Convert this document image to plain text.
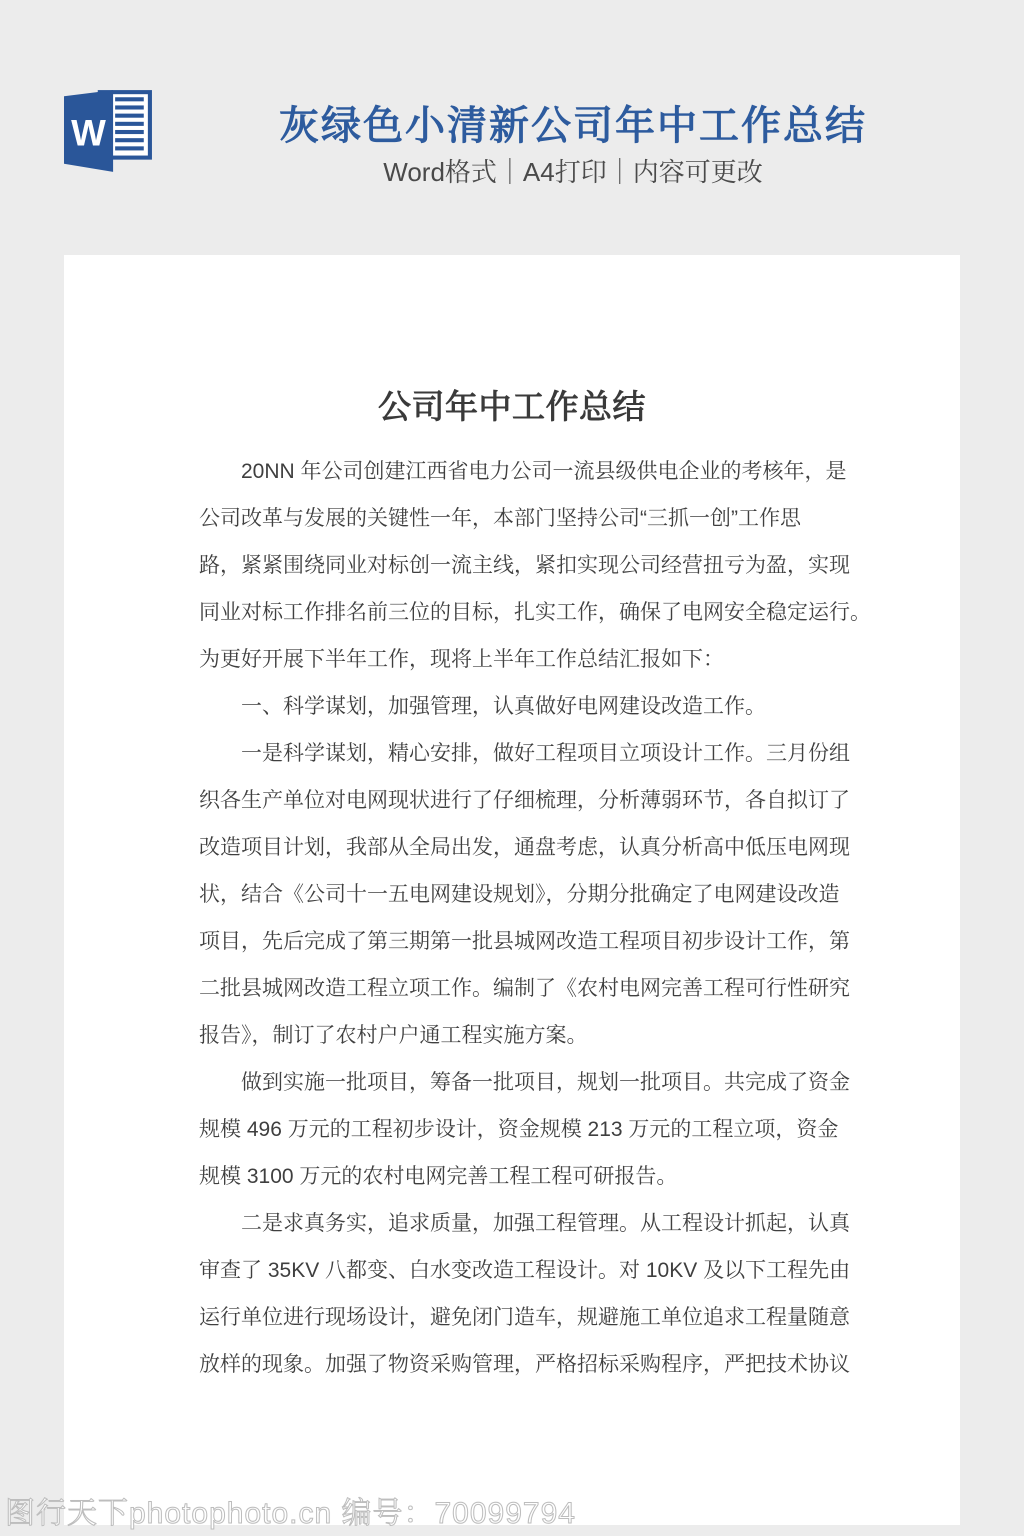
W	灰绿色小清新公司年中工作总结
Word格式｜A4打印｜内容可更改
公司年中工作总结
20NN 年公司创建江西省电力公司一流县级供电企业的考核年，是
公司改革与发展的关键性一年，本部门坚持公司“三抓一创”工作思
路，紧紧围绕同业对标创一流主线，紧扣实现公司经营扭亏为盈，实现
同业对标工作排名前三位的目标，扎实工作，确保了电网安全稳定运行。
为更好开展下半年工作，现将上半年工作总结汇报如下：
一、科学谋划，加强管理，认真做好电网建设改造工作。
一是科学谋划，精心安排，做好工程项目立项设计工作。三月份组
织各生产单位对电网现状进行了仔细梳理，分析薄弱环节，各自拟订了
改造项目计划，我部从全局出发，通盘考虑，认真分析高中低压电网现
状，结合《公司十一五电网建设规划》，分期分批确定了电网建设改造
项目，先后完成了第三期第一批县城网改造工程项目初步设计工作，第
二批县城网改造工程立项工作。编制了《农村电网完善工程可行性研究
报告》，制订了农村户户通工程实施方案。
做到实施一批项目，筹备一批项目，规划一批项目。共完成了资金
规模 496 万元的工程初步设计，资金规模 213 万元的工程立项，资金
规模 3100 万元的农村电网完善工程工程可研报告。
二是求真务实，追求质量，加强工程管理。从工程设计抓起，认真
审查了 35KV 八都变、白水变改造工程设计。对 10KV 及以下工程先由
运行单位进行现场设计，避免闭门造车，规避施工单位追求工程量随意
放样的现象。加强了物资采购管理，严格招标采购程序，严把技术协议
图行天下photophoto.cn 编号：70099794
